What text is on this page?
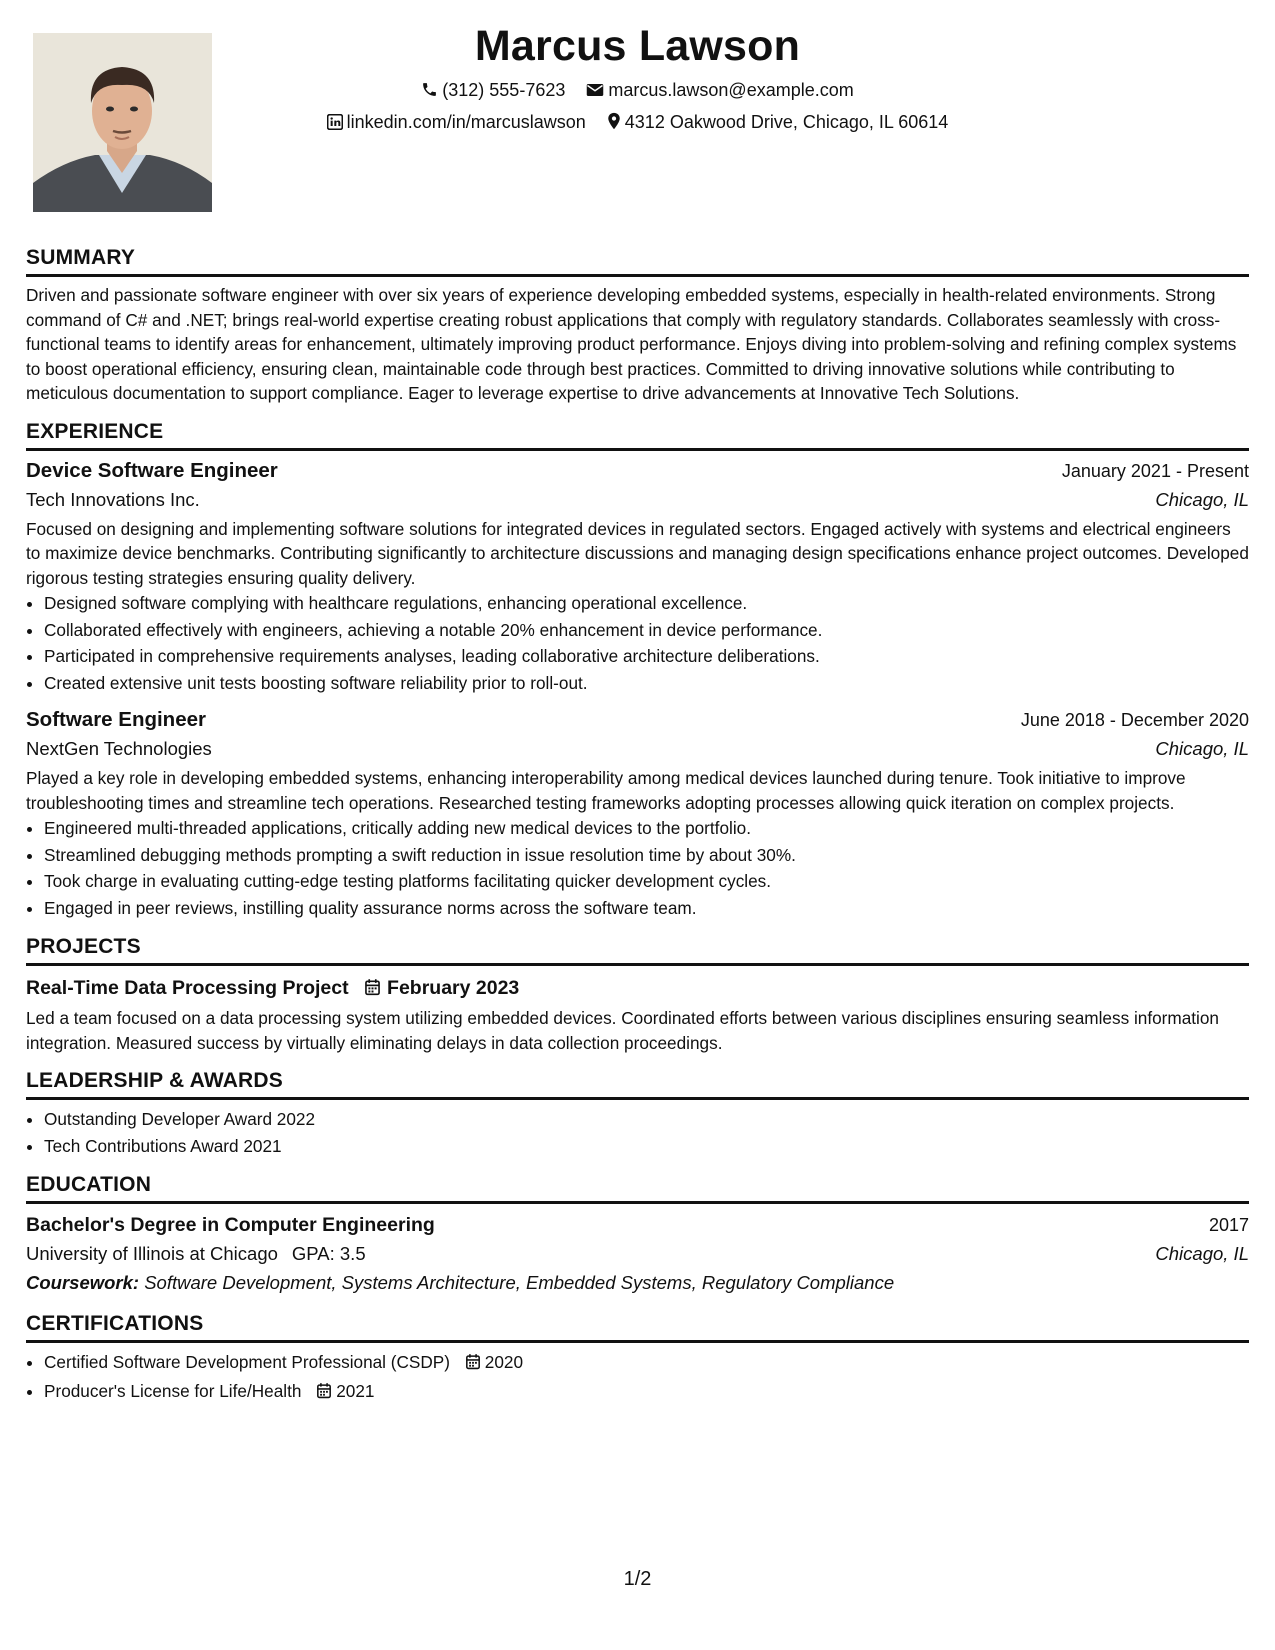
Marcus Lawson
(312) 555-7623 marcus.lawson@example.com
linkedin.com/in/marcuslawson 4312 Oakwood Drive, Chicago, IL 60614
SUMMARY

Driven and passionate software engineer with over six years of experience developing embedded systems, especially in health-related environments. Strong command of C# and .NET; brings real-world expertise creating robust applications that comply with regulatory standards. Collaborates seamlessly with cross-functional teams to identify areas for enhancement, ultimately improving product performance. Enjoys diving into problem-solving and refining complex systems to boost operational efficiency, ensuring clean, maintainable code through best practices. Committed to driving innovative solutions while contributing to meticulous documentation to support compliance. Eager to leverage expertise to drive advancements at Innovative Tech Solutions.

EXPERIENCE
Device Software Engineer	January 2021 - Present
Tech Innovations Inc.	Chicago, IL

Focused on designing and implementing software solutions for integrated devices in regulated sectors. Engaged actively with systems and electrical engineers to maximize device benchmarks. Contributing significantly to architecture discussions and managing design specifications enhance project outcomes. Developed rigorous testing strategies ensuring quality delivery.

• Designed software complying with healthcare regulations, enhancing operational excellence.
• Collaborated effectively with engineers, achieving a notable 20% enhancement in device performance.
• Participated in comprehensive requirements analyses, leading collaborative architecture deliberations.
• Created extensive unit tests boosting software reliability prior to roll-out.
Software Engineer	June 2018 - December 2020
NextGen Technologies	Chicago, IL

Played a key role in developing embedded systems, enhancing interoperability among medical devices launched during tenure. Took initiative to improve troubleshooting times and streamline tech operations. Researched testing frameworks adopting processes allowing quick iteration on complex projects.

• Engineered multi-threaded applications, critically adding new medical devices to the portfolio.
• Streamlined debugging methods prompting a swift reduction in issue resolution time by about 30%.
• Took charge in evaluating cutting-edge testing platforms facilitating quicker development cycles.
• Engaged in peer reviews, instilling quality assurance norms across the software team.
PROJECTS
Real-Time Data Processing Project February 2023

Led a team focused on a data processing system utilizing embedded devices. Coordinated efforts between various disciplines ensuring seamless information integration. Measured success by virtually eliminating delays in data collection proceedings.

LEADERSHIP & AWARDS
• Outstanding Developer Award 2022
• Tech Contributions Award 2021
EDUCATION
Bachelor's Degree in Computer Engineering	2017
University of Illinois at Chicago GPA: 3.5	Chicago, IL
Coursework: Software Development, Systems Architecture, Embedded Systems, Regulatory Compliance
CERTIFICATIONS
• Certified Software Development Professional (CSDP) 2020
• Producer's License for Life/Health 2021
1/2
